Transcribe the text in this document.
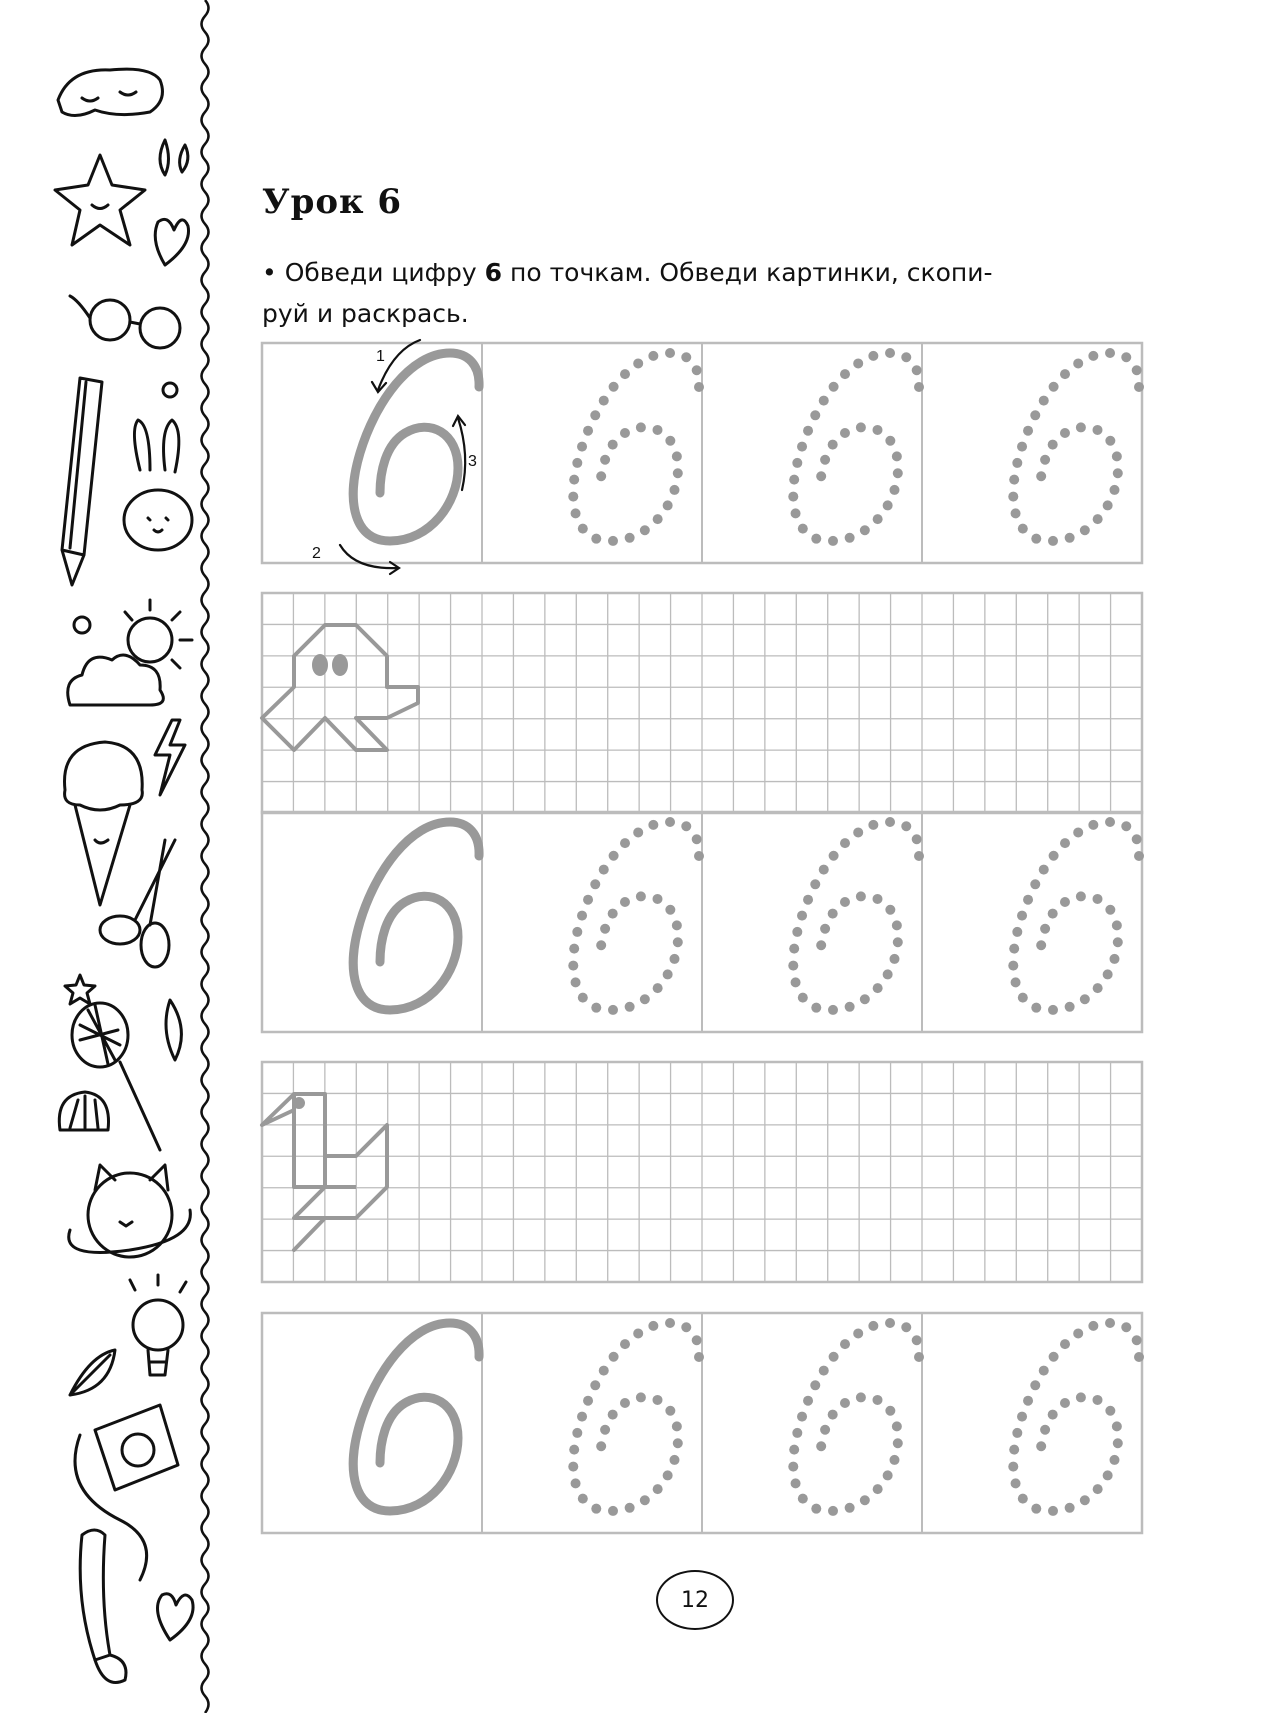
Урок 6
• Обведи цифру 6 по точкам. Обведи картинки, скопи-
руй и раскрась.
1
2
3
12
